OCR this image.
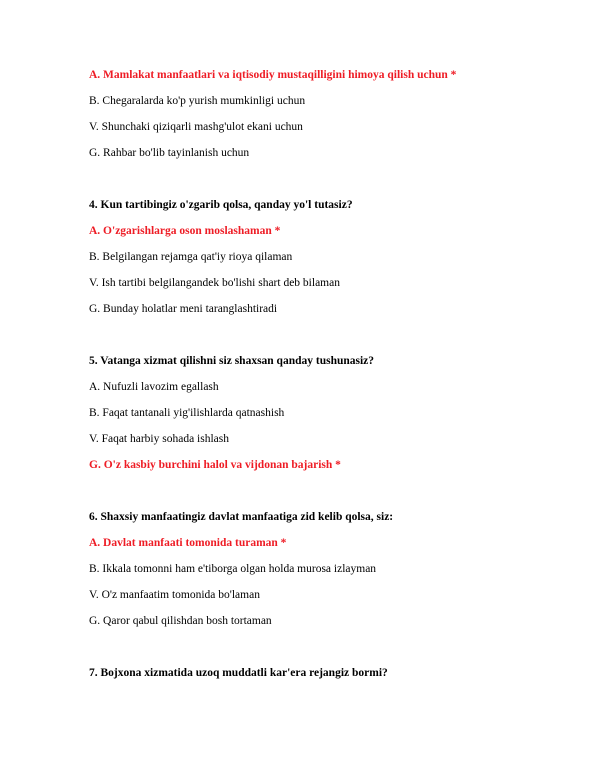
A. Mamlakat manfaatlari va iqtisodiy mustaqilligini himoya qilish uchun *
B. Chegaralarda ko'p yurish mumkinligi uchun
V. Shunchaki qiziqarli mashg'ulot ekani uchun
G. Rahbar bo'lib tayinlanish uchun
4. Kun tartibingiz o'zgarib qolsa, qanday yo'l tutasiz?
A. O'zgarishlarga oson moslashaman *
B. Belgilangan rejamga qat'iy rioya qilaman
V. Ish tartibi belgilangandek bo'lishi shart deb bilaman
G. Bunday holatlar meni taranglashtiradi
5. Vatanga xizmat qilishni siz shaxsan qanday tushunasiz?
A. Nufuzli lavozim egallash
B. Faqat tantanali yig'ilishlarda qatnashish
V. Faqat harbiy sohada ishlash
G. O'z kasbiy burchini halol va vijdonan bajarish *
6. Shaxsiy manfaatingiz davlat manfaatiga zid kelib qolsa, siz:
A. Davlat manfaati tomonida turaman *
B. Ikkala tomonni ham e'tiborga olgan holda murosa izlayman
V. O'z manfaatim tomonida bo'laman
G. Qaror qabul qilishdan bosh tortaman
7. Bojxona xizmatida uzoq muddatli kar'era rejangiz bormi?
